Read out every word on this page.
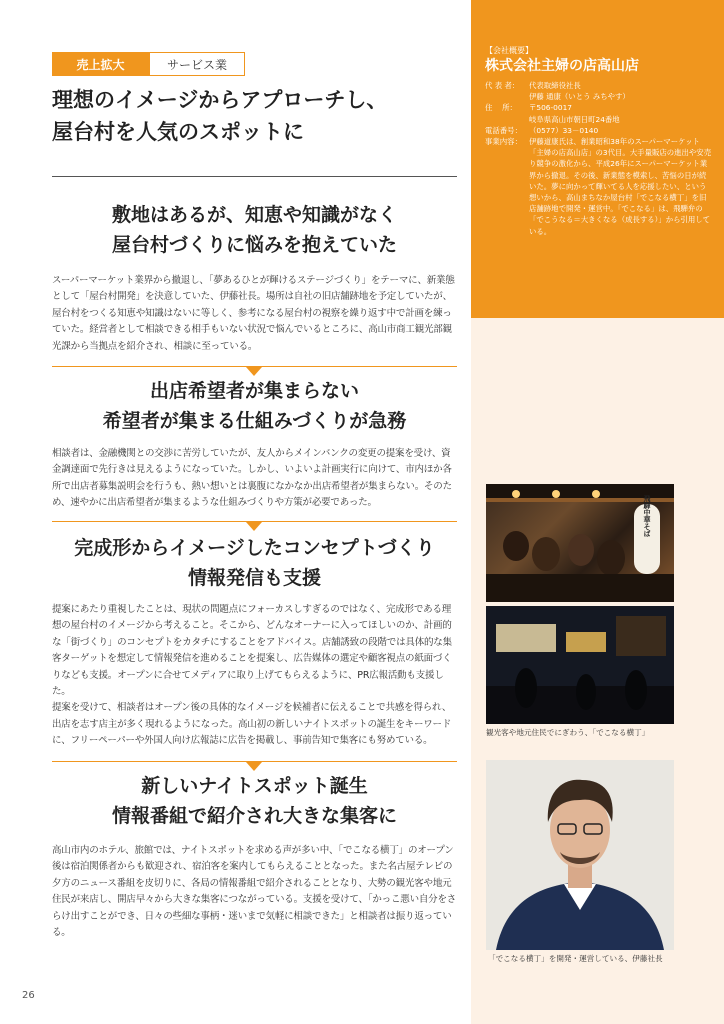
【会社概要】
株式会社主婦の店高山店
代 表 者：	代表取締役社長
伊藤 通康（いとう みちやす）
住　 所：	〒506-0017
岐阜県高山市朝日町24番地
電話番号： （0577）33－0140
事業内容： 伊藤道康氏は、創業昭和38年のスーパーマーケット「主婦の店高山店」の3代目。大手量販店の進出や安売り競争の激化から、平成26年にスーパーマーケット業界から撤退。その後、新業態を模索し、苦悩の日が続いた。夢に向かって輝いてる人を応援したい、という想いから、高山まちなか屋台村「でこなる横丁」を旧店舗跡地で開発・運営中。「でこなる」は、飛騨弁の「でこうなる＝大きくなる（成長する）」から引用している。
売上拡大	サービス業
理想のイメージからアプローチし、
屋台村を人気のスポットに
敷地はあるが、知恵や知識がなく
屋台村づくりに悩みを抱えていた

スーパーマーケット業界から撤退し、「夢あるひとが輝けるステージづくり」をテーマに、新業態として「屋台村開発」を決意していた、伊藤社長。場所は自社の旧店舗跡地を予定していたが、屋台村をつくる知恵や知識はないに等しく、参考になる屋台村の視察を繰り返す中で計画を練っていた。経営者として相談できる相手もいない状況で悩んでいるところに、高山市商工観光部観光課から当拠点を紹介され、相談に至っている。

出店希望者が集まらない
希望者が集まる仕組みづくりが急務

相談者は、金融機関との交渉に苦労していたが、友人からメインバンクの変更の提案を受け、資金調達面で先行きは見えるようになっていた。しかし、いよいよ計画実行に向けて、市内ほか各所で出店者募集説明会を行うも、熱い想いとは裏腹になかなか出店希望者が集まらない。そのため、速やかに出店希望者が集まるような仕組みづくりや方策が必要であった。

完成形からイメージしたコンセプトづくり
情報発信も支援

提案にあたり重視したことは、現状の問題点にフォーカスしすぎるのではなく、完成形である理想の屋台村のイメージから考えること。そこから、どんなオーナーに入ってほしいのか、計画的な「街づくり」のコンセプトをカタチにすることをアドバイス。店舗誘致の段階では具体的な集客ターゲットを想定して情報発信を進めることを提案し、広告媒体の選定や顧客視点の紙面づくりなども支援。オープンに合せてメディアに取り上げてもらえるように、PR広報活動も支援した。
提案を受けて、相談者はオープン後の具体的なイメージを候補者に伝えることで共感を得られ、出店を志す店主が多く現れるようになった。高山初の新しいナイトスポットの誕生をキーワードに、フリーペーパーや外国人向け広報誌に広告を掲載し、事前告知で集客にも努めている。

新しいナイトスポット誕生
情報番組で紹介され大きな集客に

高山市内のホテル、旅館では、ナイトスポットを求める声が多い中、「でこなる横丁」のオープン後は宿泊関係者からも歓迎され、宿泊客を案内してもらえることとなった。また名古屋テレビの夕方のニュース番組を皮切りに、各局の情報番組で紹介されることとなり、大勢の観光客や地元住民が来店し、開店早々から大きな集客につながっている。支援を受けて、「かっこ悪い自分をさらけ出すことができ、日々の些細な事柄・迷いまで気軽に相談できた」と相談者は振り返っている。

飛騨中華そば
観光客や地元住民でにぎわう、「でこなる横丁」
「でこなる横丁」を開発・運営している、伊藤社長
26
